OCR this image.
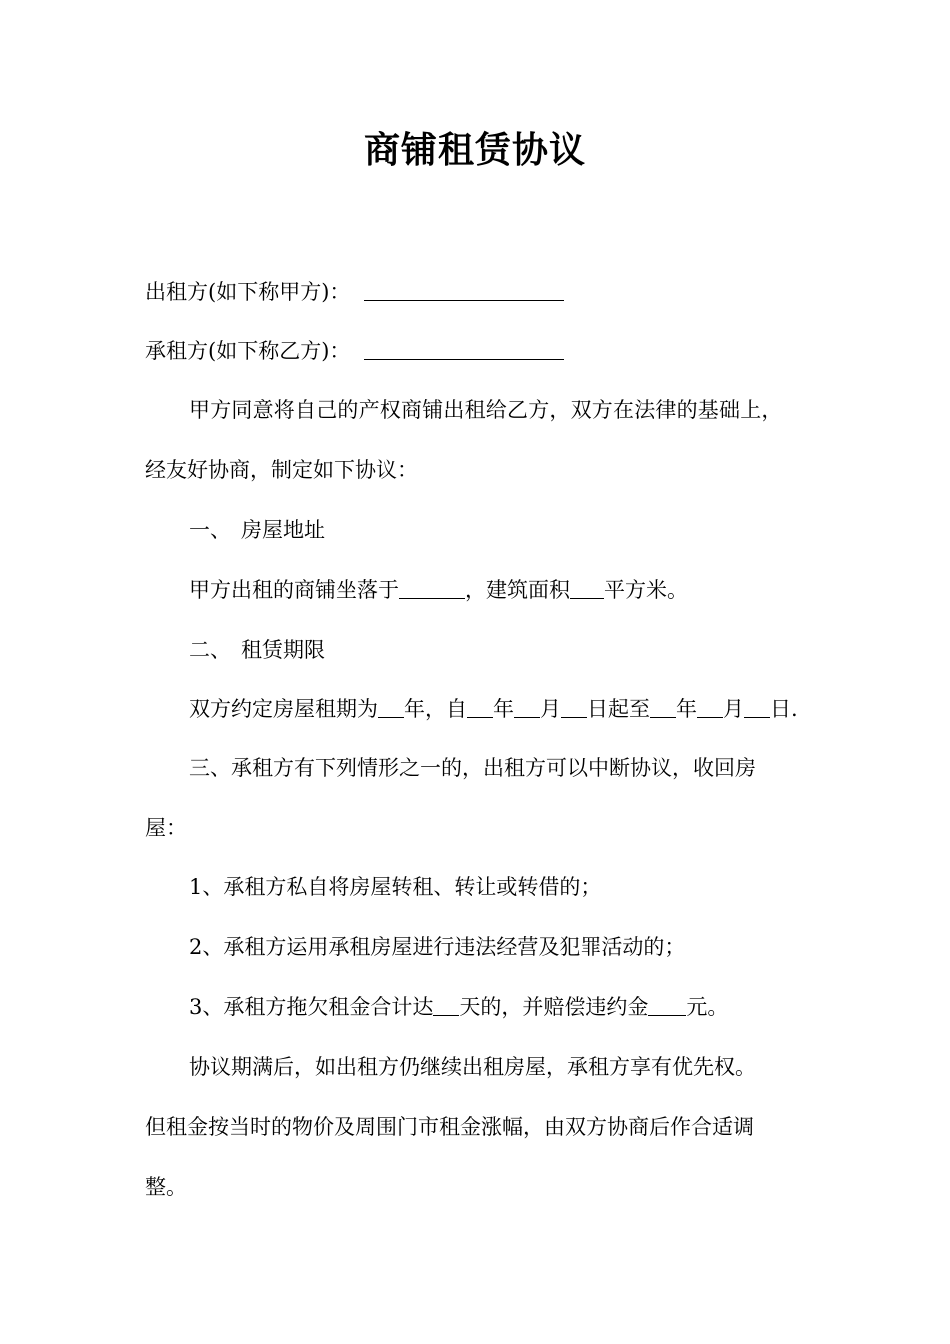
商铺租赁协议
出租方(如下称甲方)：
承租方(如下称乙方)：
甲方同意将自己的产权商铺出租给乙方，双方在法律的基础上，
经友好协商，制定如下协议：
一、 房屋地址
甲方出租的商铺坐落于	，建筑面积 平方米。
二、 租赁期限
双方约定房屋租期为 年，自 年 月 日起至 年 月 日.
三、承租方有下列情形之一的，出租方可以中断协议，收回房
屋：
1、承租方私自将房屋转租、转让或转借的；
2、承租方运用承租房屋进行违法经营及犯罪活动的；
3、承租方拖欠租金合计达 天的，并赔偿违约金 元。
协议期满后，如出租方仍继续出租房屋，承租方享有优先权。
但租金按当时的物价及周围门市租金涨幅，由双方协商后作合适调
整。
